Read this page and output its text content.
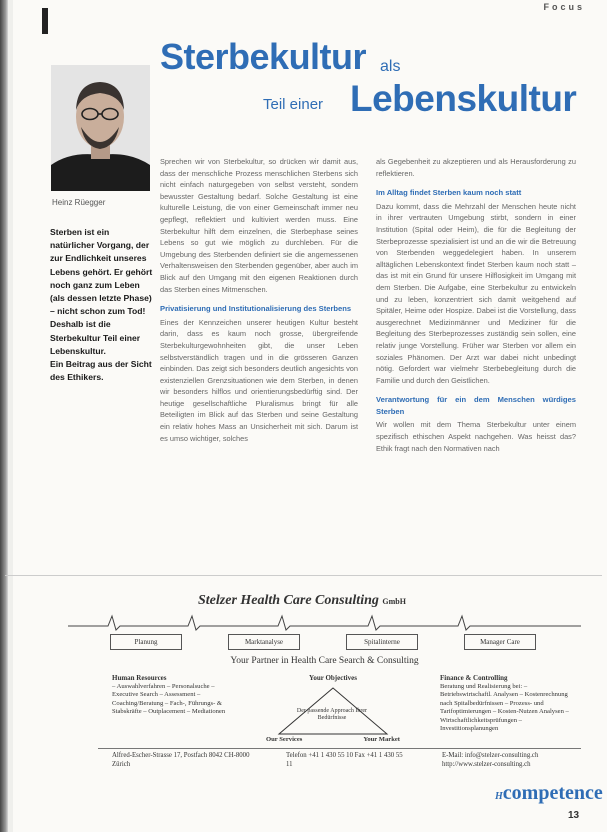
Focus
Sterbekultur als
Teil einer Lebenskultur
Heinz Rüegger
Sterben ist ein natürlicher Vorgang, der zur Endlichkeit unseres Lebens gehört. Er gehört noch ganz zum Leben (als dessen letzte Phase) – nicht schon zum Tod! Deshalb ist die Sterbekultur Teil einer Lebenskultur.
Ein Beitrag aus der Sicht des Ethikers.

Sprechen wir von Sterbekultur, so drücken wir damit aus, dass der menschliche Prozess menschlichen Sterbens sich nicht einfach naturgegeben von selbst versteht, sondern bewusster Gestaltung bedarf. Solche Gestaltung ist eine kulturelle Leistung, die von einer Gemeinschaft immer neu gepflegt, reflektiert und kultiviert werden muss. Eine Sterbekultur hilft dem einzelnen, die Sterbephase seines Lebens so gut wie möglich zu durchleben. Für die Umgebung des Sterbenden definiert sie die angemessenen Verhaltensweisen den Sterbenden gegenüber, aber auch im Blick auf den Umgang mit den eigenen Reaktionen durch das Sterben eines Mitmenschen.

Privatisierung und Institutionalisierung des Sterbens

Eines der Kennzeichen unserer heutigen Kultur besteht darin, dass es kaum noch grosse, übergreifende Sterbekulturgewohnheiten gibt, die unser Leben selbstverständlich tragen und in die grösseren Ganzen einbinden. Das zeigt sich besonders deutlich angesichts von existenziellen Grenzsituationen wie dem Sterben, in denen wir besonders hilflos und orientierungsbedürftig sind. Der heutige gesellschaftliche Pluralismus bringt für alle Beteiligten im Blick auf das Sterben und seine Gestaltung ein relativ hohes Mass an Unsicherheit mit sich. Darum ist es umso wichtiger, solches

als Gegebenheit zu akzeptieren und als Herausforderung zu reflektieren.

Im Alltag findet Sterben kaum noch statt

Dazu kommt, dass die Mehrzahl der Menschen heute nicht in ihrer vertrauten Umgebung stirbt, sondern in einer Institution (Spital oder Heim), die für die Begleitung der Sterbeprozesse spezialisiert ist und an die wir die Betreuung von Sterbenden weggedelegiert haben. In unserem alltäglichen Lebenskontext findet Sterben kaum noch statt – das ist mit ein Grund für unsere Hilflosigkeit im Umgang mit dem Sterben. Die Aufgabe, eine Sterbekultur zu entwickeln und zu leben, konzentriert sich damit weitgehend auf Spitäler, Heime oder Hospize. Dabei ist die Vorstellung, dass ausgerechnet Medizinmänner und Mediziner für die Begleitung des Sterbeprozesses zuständig sein sollen, eine relativ junge Vorstellung. Früher war Sterben vor allem ein soziales Phänomen. Der Arzt war dabei nicht unbedingt nötig. Gefordert war vielmehr Sterbebegleitung durch die Familie und durch den Geistlichen.

Verantwortung für ein dem Menschen würdiges Sterben

Wir wollen mit dem Thema Sterbekultur unter einem spezifisch ethischen Aspekt nachgehen. Was heisst das? Ethik fragt nach den Normativen nach

Stelzer Health Care Consulting GmbH
Planung	Marktanalyse	Spitalinterne	Manager Care
Your Partner in Health Care Search & Consulting
Human Resources
– Auswahlverfahren – Personalsuche – Executive Search – Assessment – Coaching/Beratung – Fach-, Führungs- & Stabskräfte – Outplacement – Mediationen
Your Objectives
Der passende Approach Ihrer Bedürfnisse
Our Services	Your Market
Finance & Controlling
Beratung und Realisierung bei: – Betriebswirtschaftl. Analysen – Kostenrechnung nach Spitalbedürfnissen – Prozess- und Tarifoptimierungen – Kosten-Nutzen Analysen – Wirtschaftlichkeitsprüfungen – Investitionsplanungen
Alfred-Escher-Strasse 17, Postfach 8042 CH-8000 Zürich
Telefon +41 1 430 55 10 Fax +41 1 430 55 11
E-Mail: info@stelzer-consulting.ch http://www.stelzer-consulting.ch
Hcompetence
13
